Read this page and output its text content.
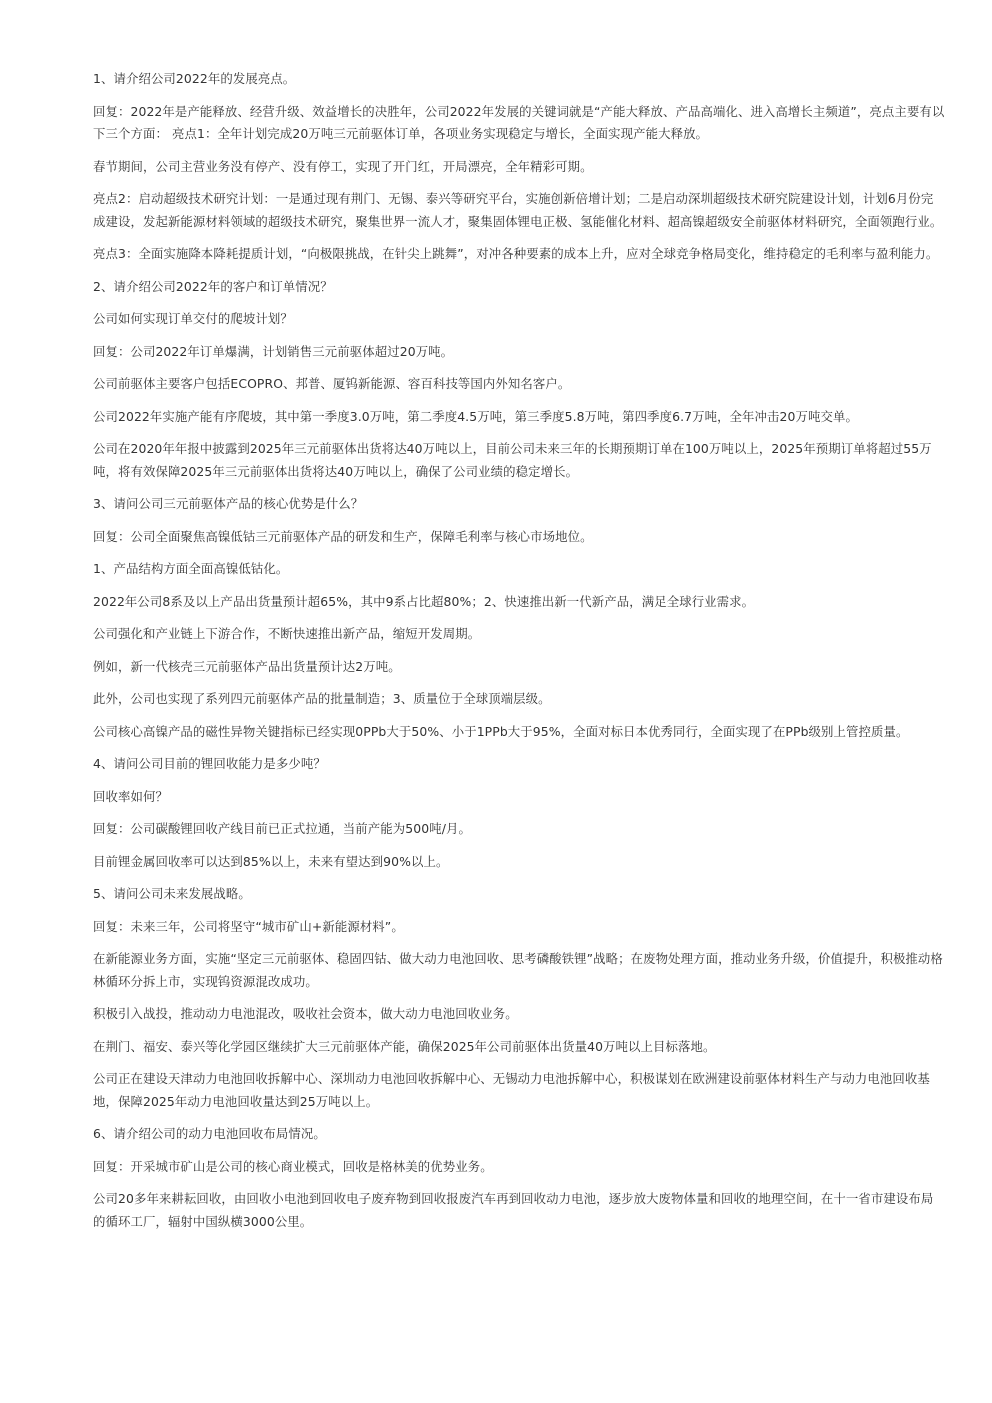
1、请介绍公司2022年的发展亮点。

回复：2022年是产能释放、经营升级、效益增长的决胜年，公司2022年发展的关键词就是“产能大释放、产品高端化、进入高增长主频道”，亮点主要有以下三个方面： 亮点1：全年计划完成20万吨三元前驱体订单，各项业务实现稳定与增长，全面实现产能大释放。

春节期间，公司主营业务没有停产、没有停工，实现了开门红，开局漂亮，全年精彩可期。

亮点2：启动超级技术研究计划：一是通过现有荆门、无锡、泰兴等研究平台，实施创新倍增计划；二是启动深圳超级技术研究院建设计划，计划6月份完成建设，发起新能源材料领域的超级技术研究，聚集世界一流人才，聚集固体锂电正极、氢能催化材料、超高镍超级安全前驱体材料研究，全面领跑行业。

亮点3：全面实施降本降耗提质计划，“向极限挑战，在针尖上跳舞”，对冲各种要素的成本上升，应对全球竞争格局变化，维持稳定的毛利率与盈利能力。

2、请介绍公司2022年的客户和订单情况？

公司如何实现订单交付的爬坡计划？

回复：公司2022年订单爆满，计划销售三元前驱体超过20万吨。

公司前驱体主要客户包括ECOPRO、邦普、厦钨新能源、容百科技等国内外知名客户。

公司2022年实施产能有序爬坡，其中第一季度3.0万吨，第二季度4.5万吨，第三季度5.8万吨，第四季度6.7万吨，全年冲击20万吨交单。

公司在2020年年报中披露到2025年三元前驱体出货将达40万吨以上，目前公司未来三年的长期预期订单在100万吨以上，2025年预期订单将超过55万吨，将有效保障2025年三元前驱体出货将达40万吨以上，确保了公司业绩的稳定增长。

3、请问公司三元前驱体产品的核心优势是什么？

回复：公司全面聚焦高镍低钴三元前驱体产品的研发和生产，保障毛利率与核心市场地位。

1、产品结构方面全面高镍低钴化。

2022年公司8系及以上产品出货量预计超65%，其中9系占比超80%；2、快速推出新一代新产品，满足全球行业需求。

公司强化和产业链上下游合作，不断快速推出新产品，缩短开发周期。

例如，新一代核壳三元前驱体产品出货量预计达2万吨。

此外，公司也实现了系列四元前驱体产品的批量制造；3、质量位于全球顶端层级。

公司核心高镍产品的磁性异物关键指标已经实现0PPb大于50%、小于1PPb大于95%，全面对标日本优秀同行，全面实现了在PPb级别上管控质量。

4、请问公司目前的锂回收能力是多少吨？

回收率如何？

回复：公司碳酸锂回收产线目前已正式拉通，当前产能为500吨/月。

目前锂金属回收率可以达到85%以上，未来有望达到90%以上。

5、请问公司未来发展战略。

回复：未来三年，公司将坚守“城市矿山+新能源材料”。

在新能源业务方面，实施“坚定三元前驱体、稳固四钴、做大动力电池回收、思考磷酸铁锂”战略；在废物处理方面，推动业务升级，价值提升，积极推动格林循环分拆上市，实现钨资源混改成功。

积极引入战投，推动动力电池混改，吸收社会资本，做大动力电池回收业务。

在荆门、福安、泰兴等化学园区继续扩大三元前驱体产能，确保2025年公司前驱体出货量40万吨以上目标落地。

公司正在建设天津动力电池回收拆解中心、深圳动力电池回收拆解中心、无锡动力电池拆解中心，积极谋划在欧洲建设前驱体材料生产与动力电池回收基地，保障2025年动力电池回收量达到25万吨以上。

6、请介绍公司的动力电池回收布局情况。

回复：开采城市矿山是公司的核心商业模式，回收是格林美的优势业务。

公司20多年来耕耘回收，由回收小电池到回收电子废弃物到回收报废汽车再到回收动力电池，逐步放大废物体量和回收的地理空间，在十一省市建设布局的循环工厂，辐射中国纵横3000公里。
